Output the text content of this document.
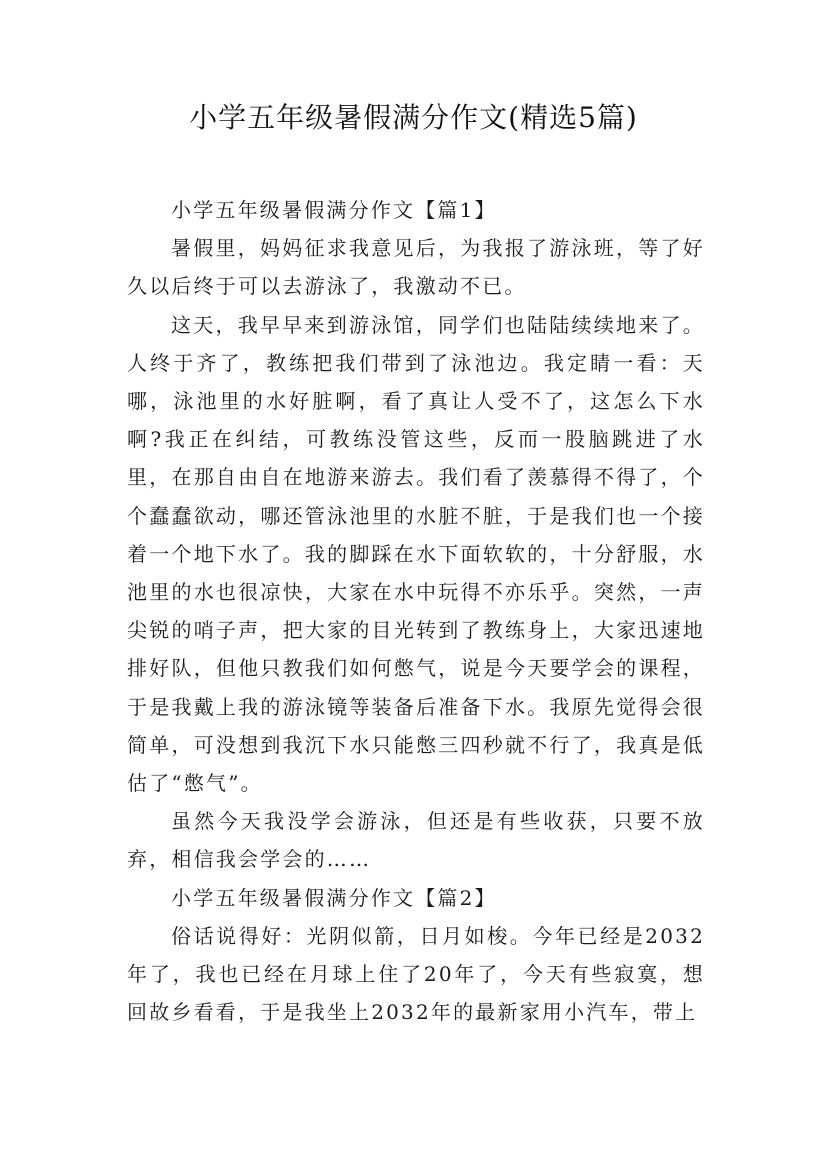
小学五年级暑假满分作文(精选5篇)

小学五年级暑假满分作文【篇1】

暑假里，妈妈征求我意见后，为我报了游泳班，等了好久以后终于可以去游泳了，我激动不已。

这天，我早早来到游泳馆，同学们也陆陆续续地来了。人终于齐了，教练把我们带到了泳池边。我定睛一看：天哪，泳池里的水好脏啊，看了真让人受不了，这怎么下水啊?我正在纠结，可教练没管这些，反而一股脑跳进了水里，在那自由自在地游来游去。我们看了羡慕得不得了，个个蠢蠢欲动，哪还管泳池里的水脏不脏，于是我们也一个接着一个地下水了。我的脚踩在水下面软软的，十分舒服，水池里的水也很凉快，大家在水中玩得不亦乐乎。突然，一声尖锐的哨子声，把大家的目光转到了教练身上，大家迅速地排好队，但他只教我们如何憋气，说是今天要学会的课程，于是我戴上我的游泳镜等装备后准备下水。我原先觉得会很简单，可没想到我沉下水只能憋三四秒就不行了，我真是低估了“憋气”。

虽然今天我没学会游泳，但还是有些收获，只要不放弃，相信我会学会的……

小学五年级暑假满分作文【篇2】

俗话说得好：光阴似箭，日月如梭。今年已经是2032年了，我也已经在月球上住了20年了，今天有些寂寞，想回故乡看看，于是我坐上2032年的最新家用小汽车，带上
